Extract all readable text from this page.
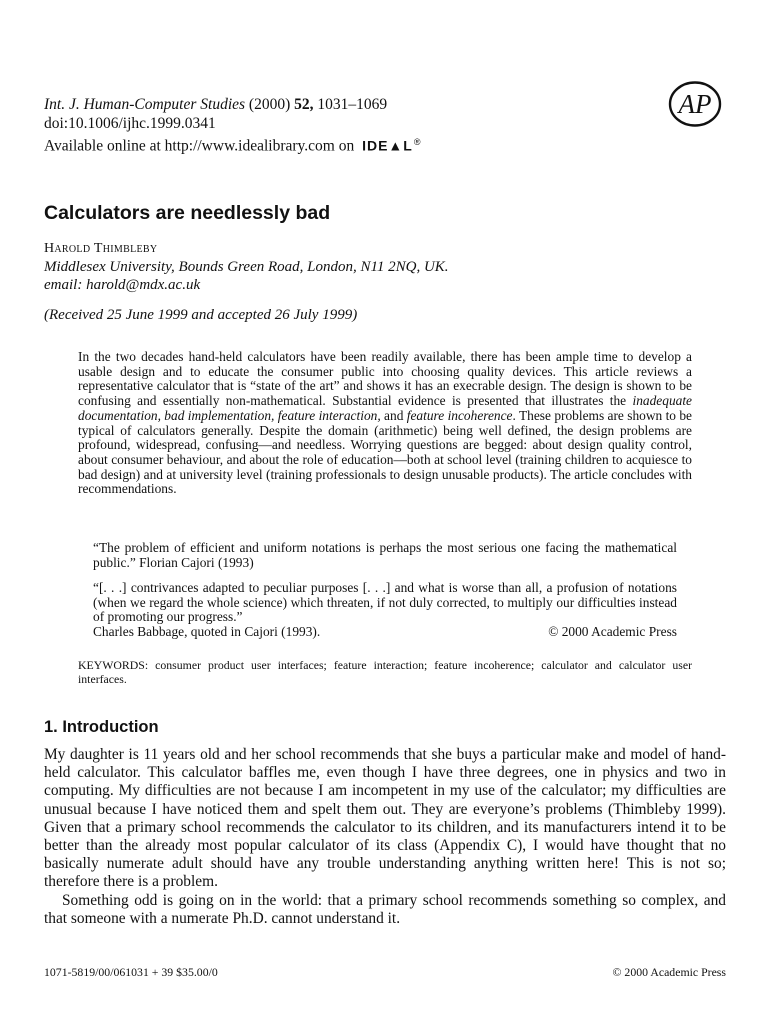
Int. J. Human-Computer Studies (2000) 52, 1031–1069
doi:10.1006/ijhc.1999.0341
Available online at http://www.idealibrary.com on IDE▲L®
AP
Calculators are needlessly bad
Harold Thimbleby
Middlesex University, Bounds Green Road, London, N11 2NQ, UK.
email: harold@mdx.ac.uk
(Received 25 June 1999 and accepted 26 July 1999)

In the two decades hand-held calculators have been readily available, there has been ample time to develop a usable design and to educate the consumer public into choosing quality devices. This article reviews a representative calculator that is “state of the art” and shows it has an execrable design. The design is shown to be confusing and essentially non-mathematical. Substantial evidence is presented that illustrates the inadequate documentation, bad implementation, feature interaction, and feature incoherence. These problems are shown to be typical of calculators generally. Despite the domain (arithmetic) being well defined, the design problems are profound, widespread, confusing—and needless. Worrying questions are begged: about design quality control, about consumer behaviour, and about the role of education—both at school level (training children to acquiesce to bad design) and at university level (training professionals to design unusable products). The article concludes with recommendations.

“The problem of efficient and uniform notations is perhaps the most serious one facing the mathematical public.” Florian Cajori (1993)

“[. . .] contrivances adapted to peculiar purposes [. . .] and what is worse than all, a profusion of notations (when we regard the whole science) which threaten, if not duly corrected, to multiply our difficulties instead of promoting our progress.”
Charles Babbage, quoted in Cajori (1993).	© 2000 Academic Press
KEYWORDS: consumer product user interfaces; feature interaction; feature incoherence; calculator and calculator user interfaces.
1. Introduction

My daughter is 11 years old and her school recommends that she buys a particular make and model of hand-held calculator. This calculator baffles me, even though I have three degrees, one in physics and two in computing. My difficulties are not because I am incompetent in my use of the calculator; my difficulties are unusual because I have noticed them and spelt them out. They are everyone’s problems (Thimbleby 1999). Given that a primary school recommends the calculator to its children, and its manufacturers intend it to be better than the already most popular calculator of its class (Appendix C), I would have thought that no basically numerate adult should have any trouble understanding anything written here! This is not so; therefore there is a problem.

Something odd is going on in the world: that a primary school recommends something so complex, and that someone with a numerate Ph.D. cannot understand it.

1071-5819/00/061031 + 39 $35.00/0	© 2000 Academic Press
